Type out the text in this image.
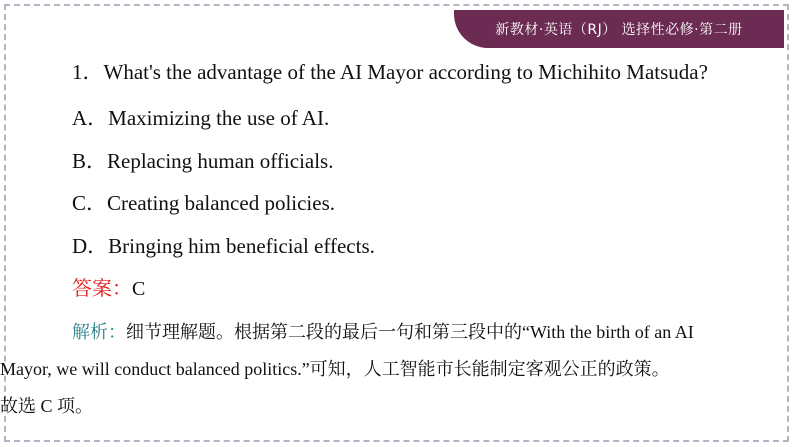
新教材·英语（RJ） 选择性必修·第二册

1．What's the advantage of the AI Mayor according to Michihito Matsuda?

A．Maximizing the use of AI.
B．Replacing human officials.
C．Creating balanced policies.
D．Bringing him beneficial effects.
答案：C
解析：细节理解题。根据第二段的最后一句和第三段中的“With the birth of an AI
Mayor, we will conduct balanced politics.”可知，人工智能市长能制定客观公正的政策。
故选 C 项。
